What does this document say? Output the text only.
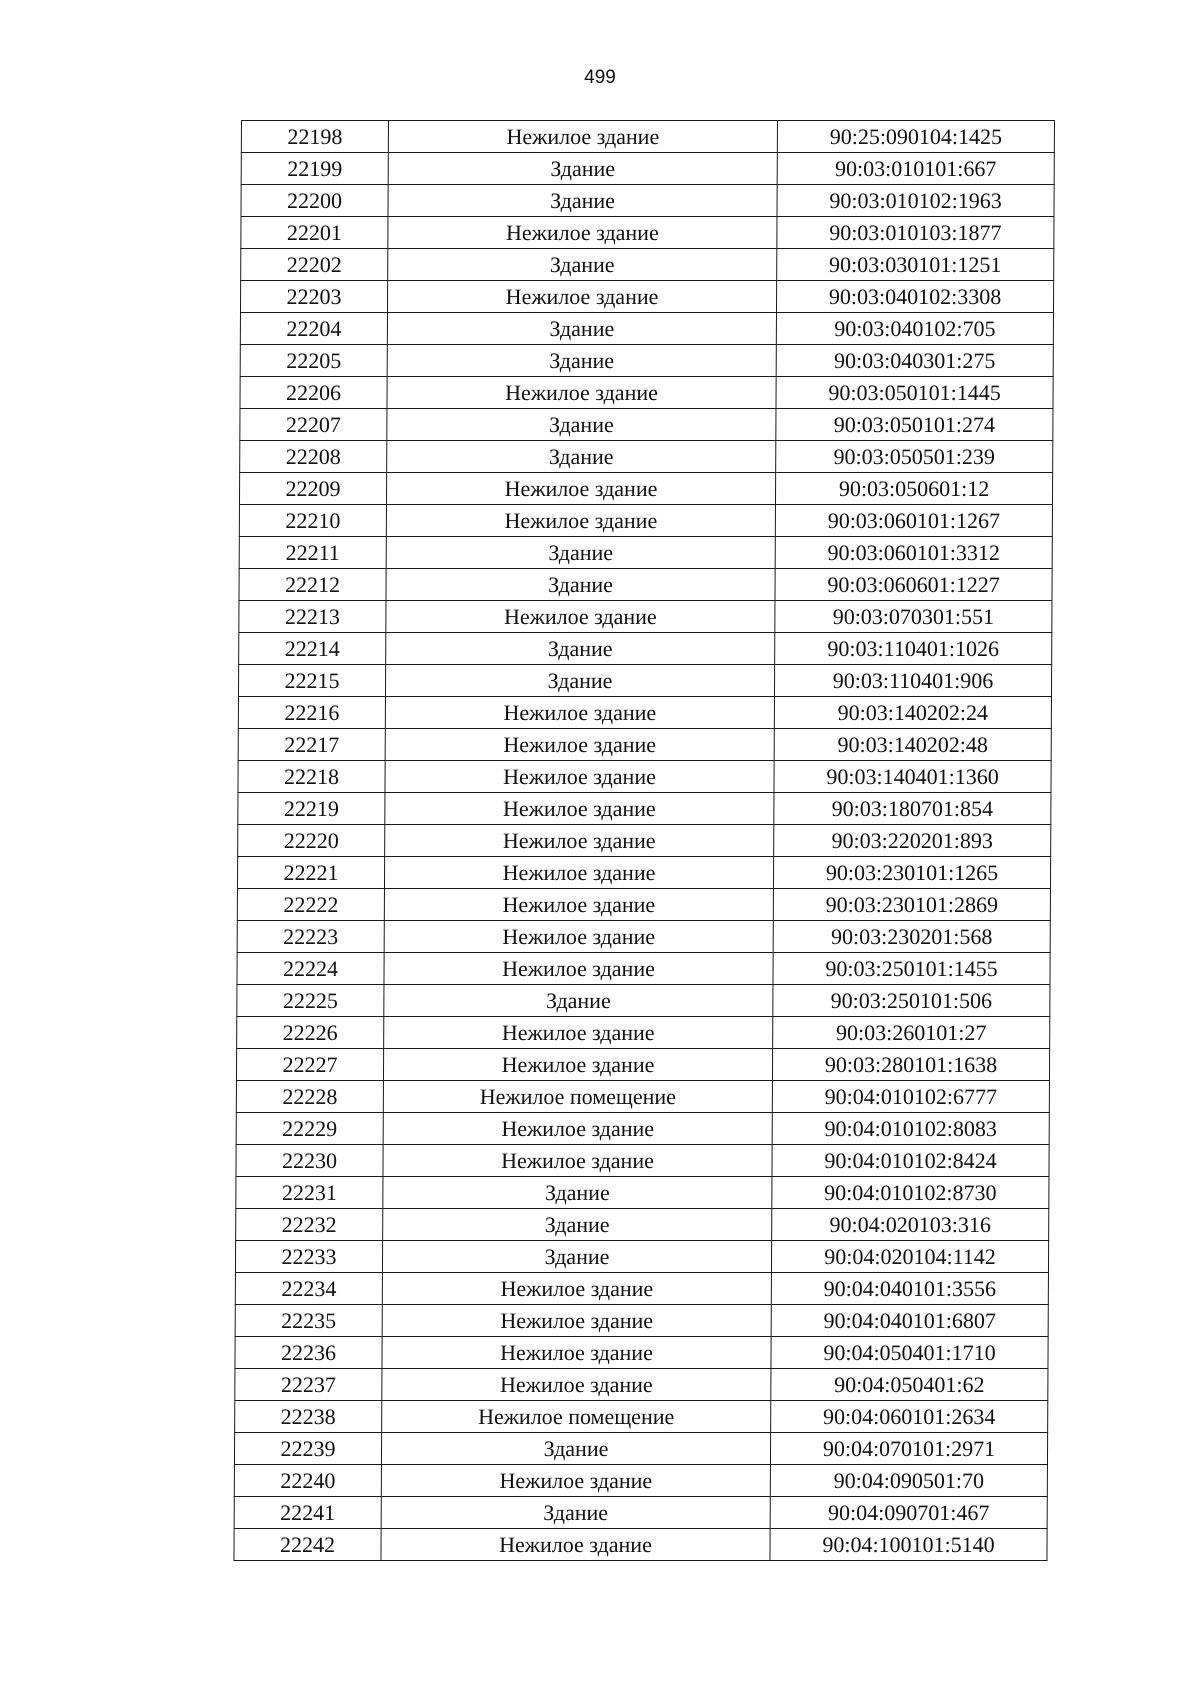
499
22198	Нежилое здание	90:25:090104:1425
22199	Здание	90:03:010101:667
22200	Здание	90:03:010102:1963
22201	Нежилое здание	90:03:010103:1877
22202	Здание	90:03:030101:1251
22203	Нежилое здание	90:03:040102:3308
22204	Здание	90:03:040102:705
22205	Здание	90:03:040301:275
22206	Нежилое здание	90:03:050101:1445
22207	Здание	90:03:050101:274
22208	Здание	90:03:050501:239
22209	Нежилое здание	90:03:050601:12
22210	Нежилое здание	90:03:060101:1267
22211	Здание	90:03:060101:3312
22212	Здание	90:03:060601:1227
22213	Нежилое здание	90:03:070301:551
22214	Здание	90:03:110401:1026
22215	Здание	90:03:110401:906
22216	Нежилое здание	90:03:140202:24
22217	Нежилое здание	90:03:140202:48
22218	Нежилое здание	90:03:140401:1360
22219	Нежилое здание	90:03:180701:854
22220	Нежилое здание	90:03:220201:893
22221	Нежилое здание	90:03:230101:1265
22222	Нежилое здание	90:03:230101:2869
22223	Нежилое здание	90:03:230201:568
22224	Нежилое здание	90:03:250101:1455
22225	Здание	90:03:250101:506
22226	Нежилое здание	90:03:260101:27
22227	Нежилое здание	90:03:280101:1638
22228	Нежилое помещение	90:04:010102:6777
22229	Нежилое здание	90:04:010102:8083
22230	Нежилое здание	90:04:010102:8424
22231	Здание	90:04:010102:8730
22232	Здание	90:04:020103:316
22233	Здание	90:04:020104:1142
22234	Нежилое здание	90:04:040101:3556
22235	Нежилое здание	90:04:040101:6807
22236	Нежилое здание	90:04:050401:1710
22237	Нежилое здание	90:04:050401:62
22238	Нежилое помещение	90:04:060101:2634
22239	Здание	90:04:070101:2971
22240	Нежилое здание	90:04:090501:70
22241	Здание	90:04:090701:467
22242	Нежилое здание	90:04:100101:5140
